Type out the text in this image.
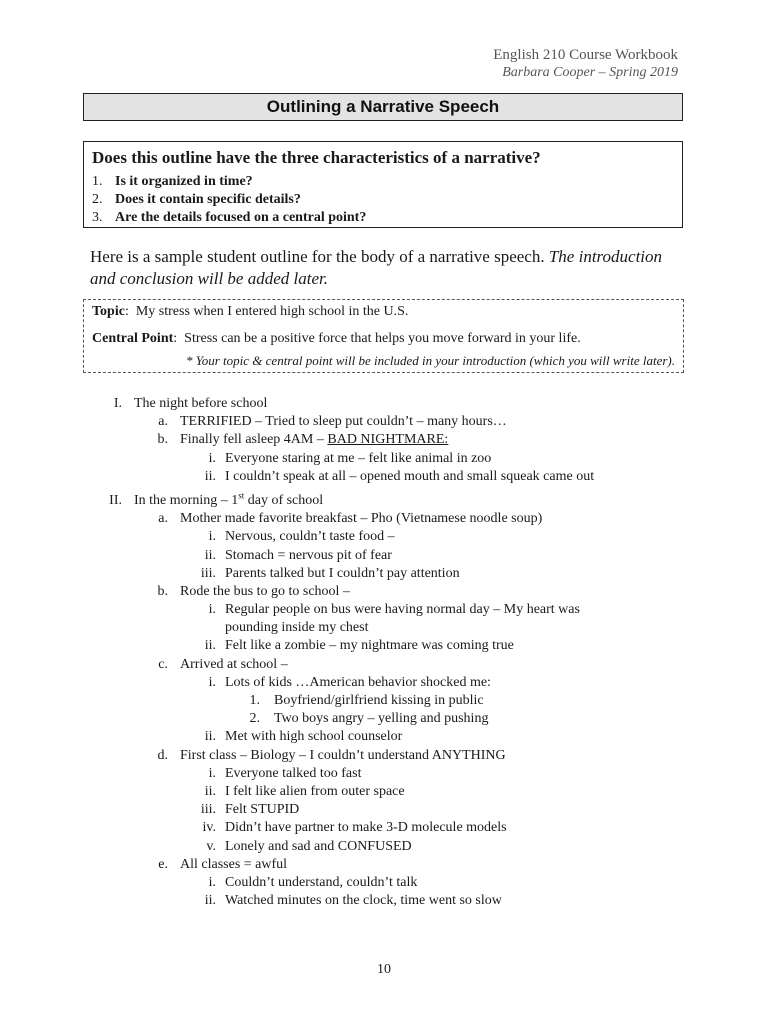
English 210 Course Workbook
Barbara Cooper – Spring 2019
Outlining a Narrative Speech
Does this outline have the three characteristics of a narrative?
1. Is it organized in time?
2. Does it contain specific details?
3. Are the details focused on a central point?
Here is a sample student outline for the body of a narrative speech. The introduction and conclusion will be added later.
Topic:  My stress when I entered high school in the U.S.
Central Point:  Stress can be a positive force that helps you move forward in your life.
* Your topic & central point will be included in your introduction (which you will write later).
I. The night before school
a. TERRIFIED – Tried to sleep put couldn’t – many hours…
b. Finally fell asleep 4AM – BAD NIGHTMARE:
i. Everyone staring at me – felt like animal in zoo
ii. I couldn’t speak at all – opened mouth and small squeak came out
II. In the morning – 1st day of school
a. Mother made favorite breakfast – Pho (Vietnamese noodle soup)
i. Nervous, couldn’t taste food –
ii. Stomach = nervous pit of fear
iii. Parents talked but I couldn’t pay attention
b. Rode the bus to go to school –
i. Regular people on bus were having normal day – My heart was
pounding inside my chest
ii. Felt like a zombie – my nightmare was coming true
c. Arrived at school –
i. Lots of kids …American behavior shocked me:
1. Boyfriend/girlfriend kissing in public
2. Two boys angry – yelling and pushing
ii. Met with high school counselor
d. First class – Biology – I couldn’t understand ANYTHING
i. Everyone talked too fast
ii. I felt like alien from outer space
iii. Felt STUPID
iv. Didn’t have partner to make 3-D molecule models
v. Lonely and sad and CONFUSED
e. All classes = awful
i. Couldn’t understand, couldn’t talk
ii. Watched minutes on the clock, time went so slow
10
